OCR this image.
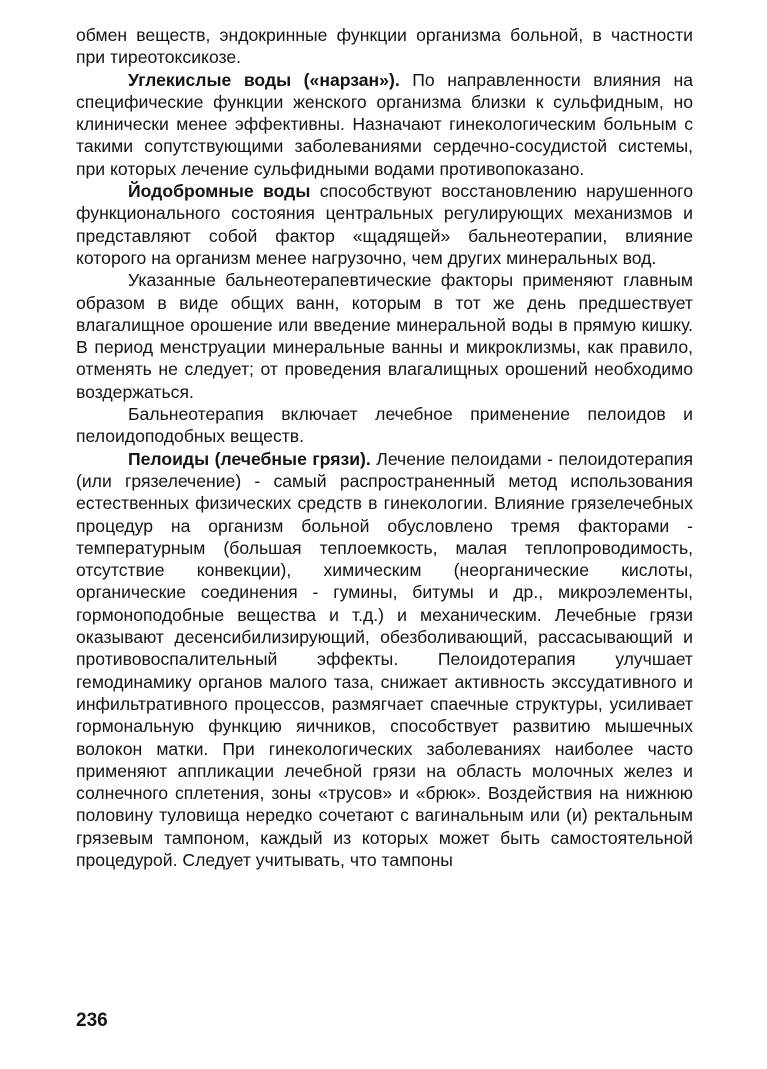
обмен веществ, эндокринные функции организма больной, в частности при тиреотоксикозе.

Углекислые воды («нарзан»). По направленности влияния на специфические функции женского организма близки к сульфидным, но клинически менее эффективны. Назначают гинекологическим больным с такими сопутствующими заболеваниями сердечно-сосудистой системы, при которых лечение сульфидными водами противопоказано.

Йодобромные воды способствуют восстановлению нарушенного функционального состояния центральных регулирующих механизмов и представляют собой фактор «щадящей» бальнеотерапии, влияние которого на организм менее нагрузочно, чем других минеральных вод.

Указанные бальнеотерапевтические факторы применяют главным образом в виде общих ванн, которым в тот же день предшествует влагалищное орошение или введение минеральной воды в прямую кишку. В период менструации минеральные ванны и микроклизмы, как правило, отменять не следует; от проведения влагалищных орошений необходимо воздержаться.

Бальнеотерапия включает лечебное применение пелоидов и пелоидоподобных веществ.

Пелоиды (лечебные грязи). Лечение пелоидами - пелоидотерапия (или грязелечение) - самый распространенный метод использования естественных физических средств в гинекологии. Влияние грязелечебных процедур на организм больной обусловлено тремя факторами - температурным (большая теплоемкость, малая теплопроводимость, отсутствие конвекции), химическим (неорганические кислоты, органические соединения - гумины, битумы и др., микроэлементы, гормоноподобные вещества и т.д.) и механическим. Лечебные грязи оказывают десенсибилизирующий, обезболивающий, рассасывающий и противовоспалительный эффекты. Пелоидотерапия улучшает гемодинамику органов малого таза, снижает активность экссудативного и инфильтративного процессов, размягчает спаечные структуры, усиливает гормональную функцию яичников, способствует развитию мышечных волокон матки. При гинекологических заболеваниях наиболее часто применяют аппликации лечебной грязи на область молочных желез и солнечного сплетения, зоны «трусов» и «брюк». Воздействия на нижнюю половину туловища нередко сочетают с вагинальным или (и) ректальным грязевым тампоном, каждый из которых может быть самостоятельной процедурой. Следует учитывать, что тампоны

236
